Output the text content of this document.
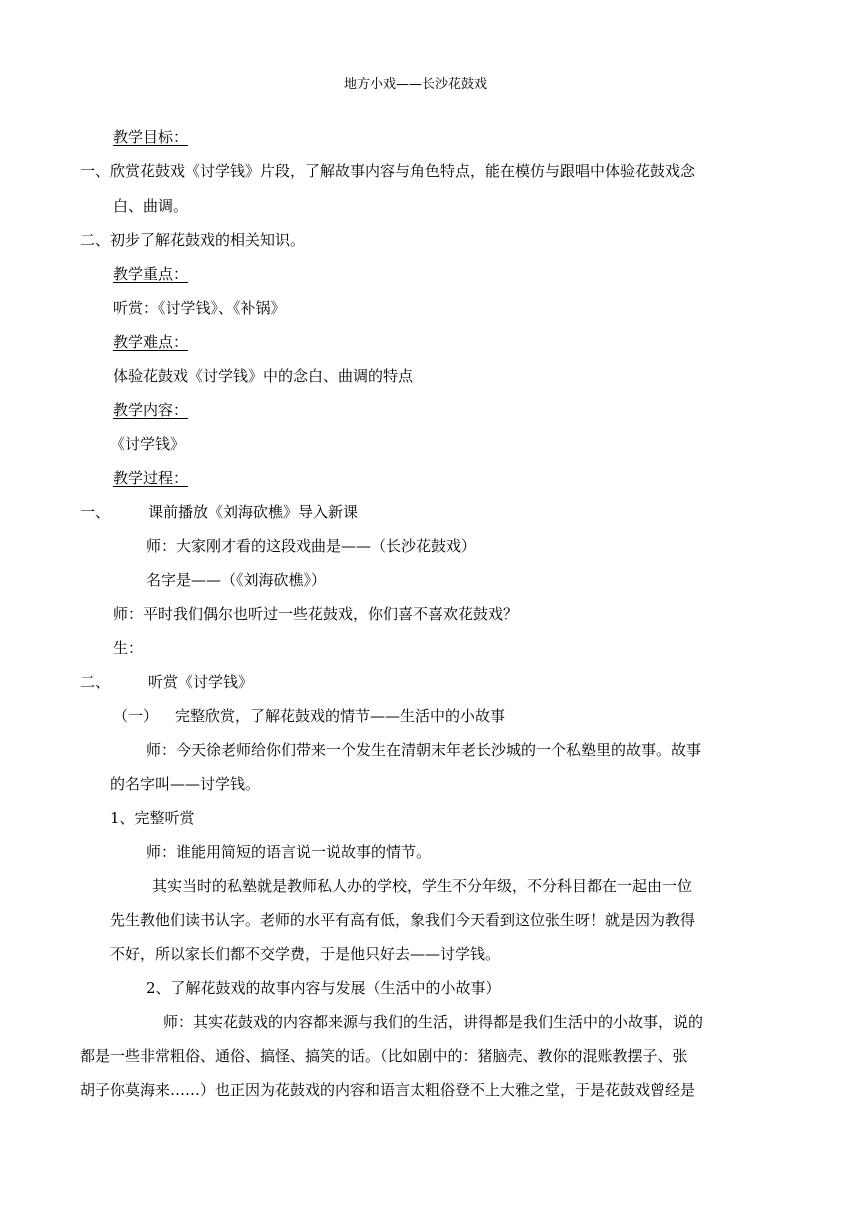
地方小戏——长沙花鼓戏
教学目标：
一、欣赏花鼓戏《讨学钱》片段，了解故事内容与角色特点，能在模仿与跟唱中体验花鼓戏念
白、曲调。
二、初步了解花鼓戏的相关知识。
教学重点：
听赏：《讨学钱》、《补锅》
教学难点：
体验花鼓戏《讨学钱》中的念白、曲调的特点
教学内容：
《讨学钱》
教学过程：
一、	课前播放《刘海砍樵》导入新课
师：大家刚才看的这段戏曲是——（长沙花鼓戏）
名字是——（《刘海砍樵》）
师：平时我们偶尔也听过一些花鼓戏，你们喜不喜欢花鼓戏？
生：
二、	听赏《讨学钱》
（一） 完整欣赏，了解花鼓戏的情节——生活中的小故事
师：今天徐老师给你们带来一个发生在清朝末年老长沙城的一个私塾里的故事。故事
的名字叫——讨学钱。
1、完整听赏
师：谁能用简短的语言说一说故事的情节。
其实当时的私塾就是教师私人办的学校，学生不分年级，不分科目都在一起由一位
先生教他们读书认字。老师的水平有高有低，象我们今天看到这位张生呀！就是因为教得
不好，所以家长们都不交学费，于是他只好去——讨学钱。
2、了解花鼓戏的故事内容与发展（生活中的小故事）
师：其实花鼓戏的内容都来源与我们的生活，讲得都是我们生活中的小故事，说的
都是一些非常粗俗、通俗、搞怪、搞笑的话。（比如剧中的：猪脑壳、教你的混账教摆子、张
胡子你莫海来……）也正因为花鼓戏的内容和语言太粗俗登不上大雅之堂，于是花鼓戏曾经是
